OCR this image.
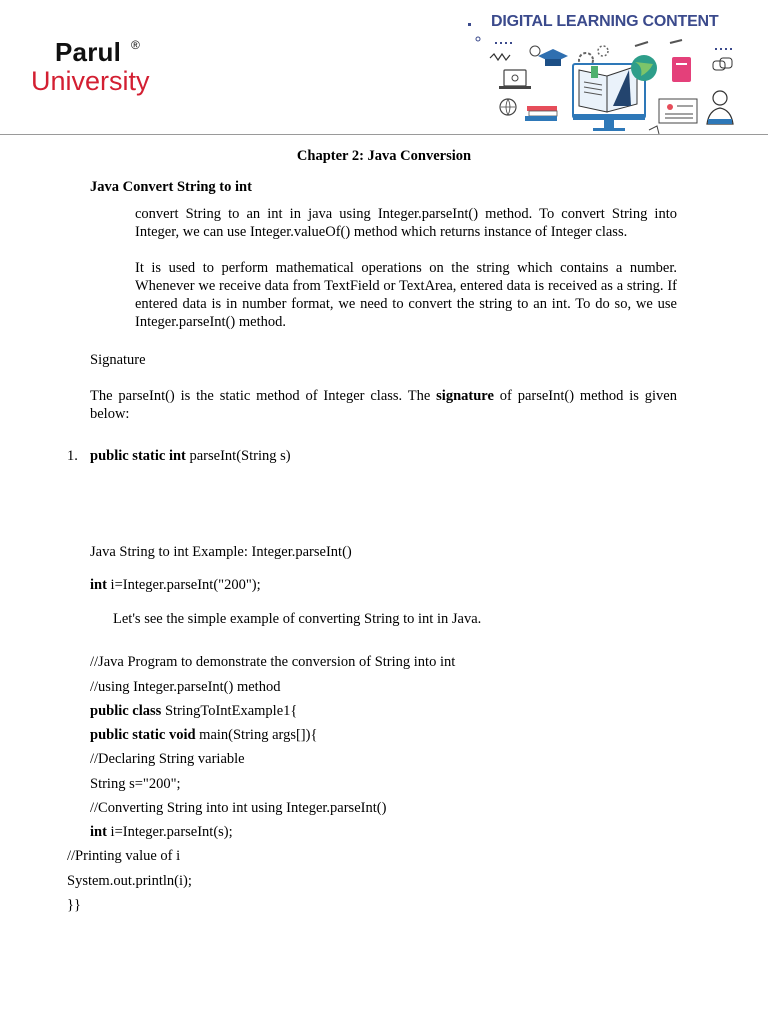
Parul ®
University
DIGITAL LEARNING CONTENT
Chapter 2: Java Conversion
Java Convert String to int
convert String to an int in java using Integer.parseInt() method. To convert String into Integer, we can use Integer.valueOf() method which returns instance of Integer class.
It is used to perform mathematical operations on the string which contains a number. Whenever we receive data from TextField or TextArea, entered data is received as a string. If entered data is in number format, we need to convert the string to an int. To do so, we use Integer.parseInt() method.
Signature
The parseInt() is the static method of Integer class. The signature of parseInt() method is given below:
1. public static int parseInt(String s)
Java String to int Example: Integer.parseInt()
int i=Integer.parseInt("200");
Let's see the simple example of converting String to int in Java.
//Java Program to demonstrate the conversion of String into int
//using Integer.parseInt() method
public class StringToIntExample1{
public static void main(String args[]){
//Declaring String variable
String s="200";
//Converting String into int using Integer.parseInt()
int i=Integer.parseInt(s);
//Printing value of i
System.out.println(i);
}}
